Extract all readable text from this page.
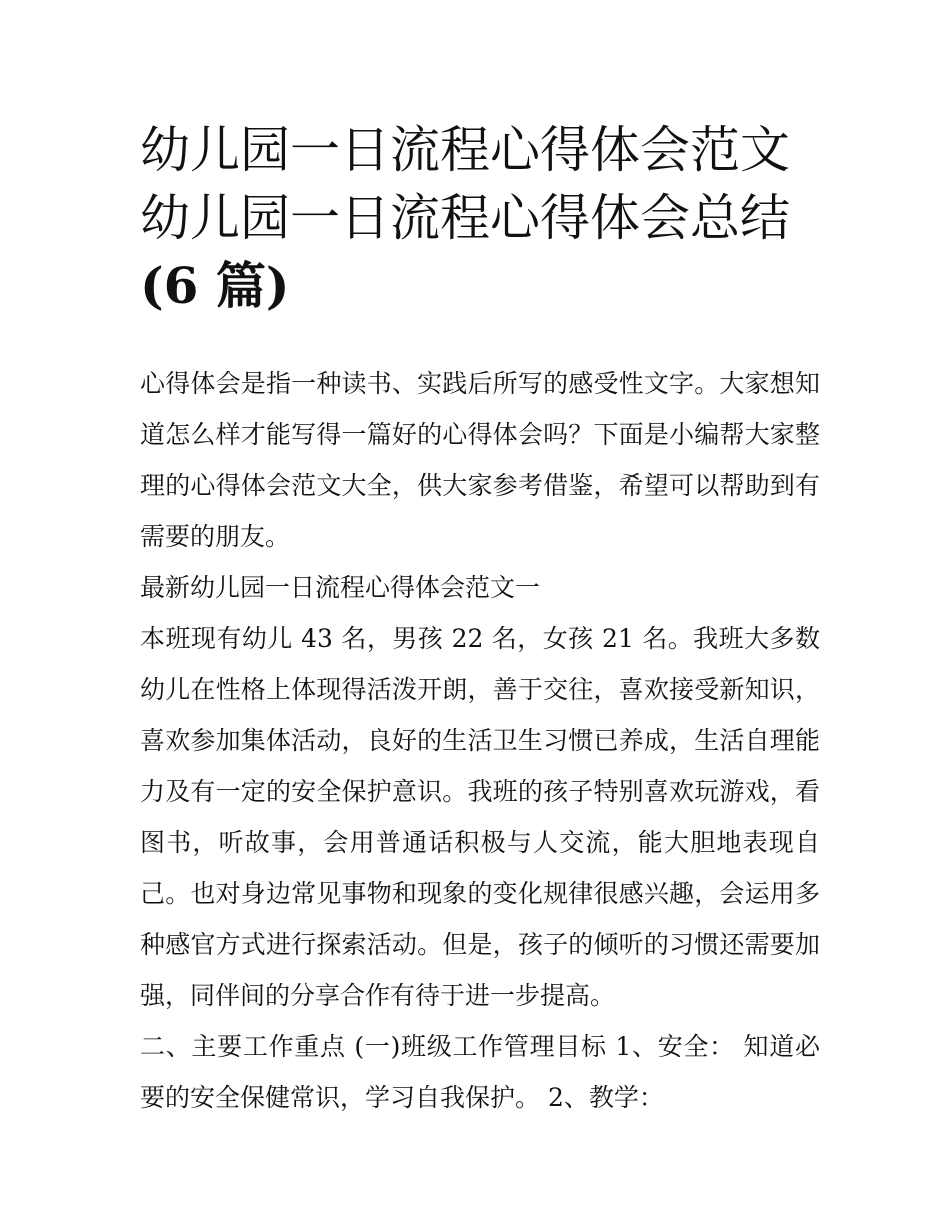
幼儿园一日流程心得体会范文
幼儿园一日流程心得体会总结
(6 篇)

心得体会是指一种读书、实践后所写的感受性文字。大家想知道怎么样才能写得一篇好的心得体会吗？下面是小编帮大家整理的心得体会范文大全，供大家参考借鉴，希望可以帮助到有需要的朋友。

最新幼儿园一日流程心得体会范文一

本班现有幼儿 43 名，男孩 22 名，女孩 21 名。我班大多数幼儿在性格上体现得活泼开朗，善于交往，喜欢接受新知识，喜欢参加集体活动，良好的生活卫生习惯已养成，生活自理能力及有一定的安全保护意识。我班的孩子特别喜欢玩游戏，看图书，听故事，会用普通话积极与人交流，能大胆地表现自己。也对身边常见事物和现象的变化规律很感兴趣，会运用多种感官方式进行探索活动。但是，孩子的倾听的习惯还需要加强，同伴间的分享合作有待于进一步提高。

二、主要工作重点 (一)班级工作管理目标 1、安全： 知道必要的安全保健常识，学习自我保护。 2、教学：
